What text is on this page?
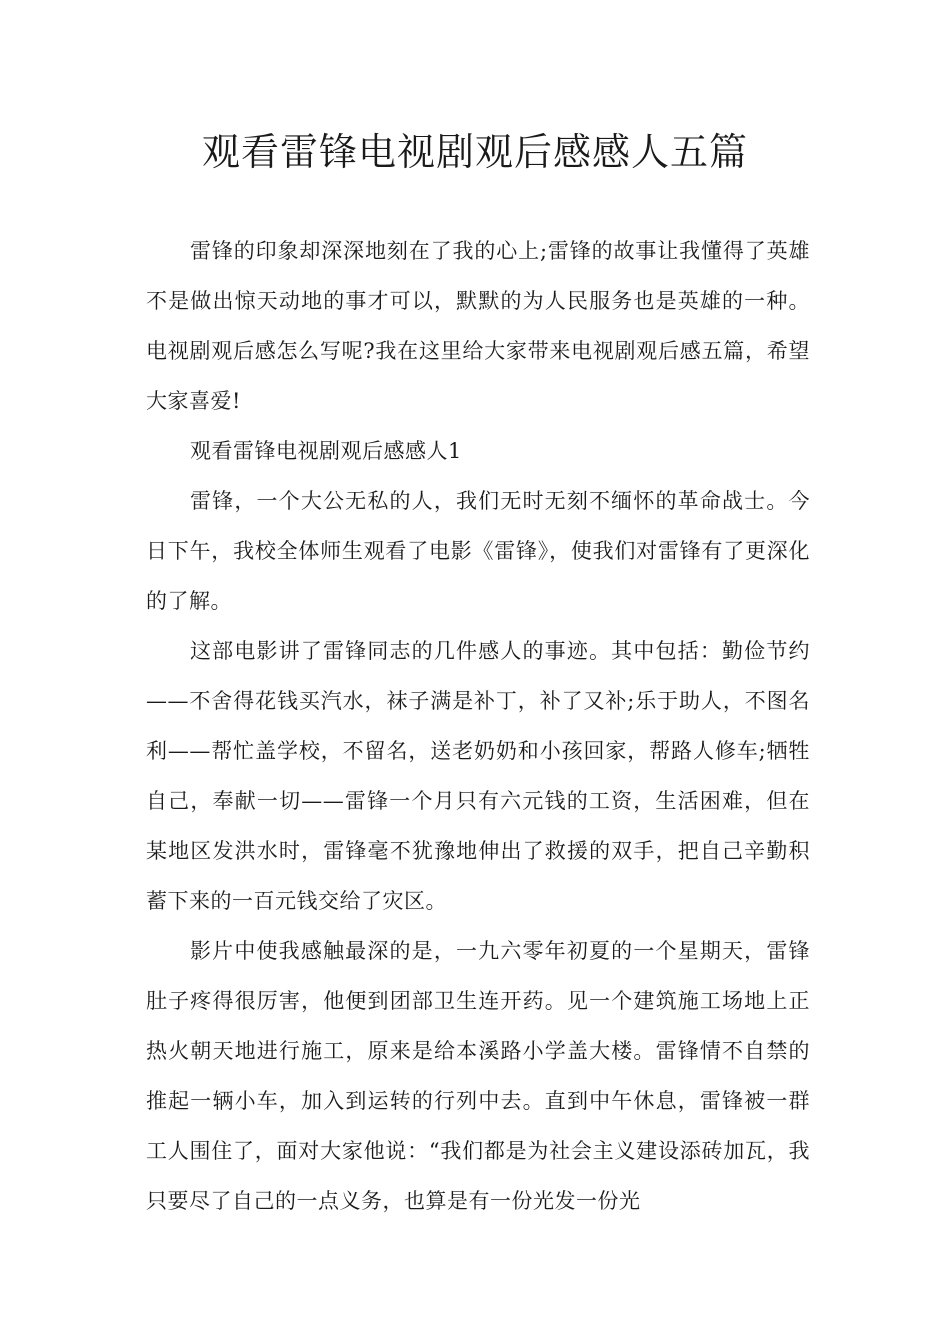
观看雷锋电视剧观后感感人五篇

雷锋的印象却深深地刻在了我的心上;雷锋的故事让我懂得了英雄不是做出惊天动地的事才可以，默默的为人民服务也是英雄的一种。电视剧观后感怎么写呢?我在这里给大家带来电视剧观后感五篇，希望大家喜爱!

观看雷锋电视剧观后感感人1

雷锋，一个大公无私的人，我们无时无刻不缅怀的革命战士。今日下午，我校全体师生观看了电影《雷锋》，使我们对雷锋有了更深化的了解。

这部电影讲了雷锋同志的几件感人的事迹。其中包括：勤俭节约——不舍得花钱买汽水，袜子满是补丁，补了又补;乐于助人，不图名利——帮忙盖学校，不留名，送老奶奶和小孩回家，帮路人修车;牺牲自己，奉献一切——雷锋一个月只有六元钱的工资，生活困难，但在某地区发洪水时，雷锋毫不犹豫地伸出了救援的双手，把自己辛勤积蓄下来的一百元钱交给了灾区。

影片中使我感触最深的是，一九六零年初夏的一个星期天，雷锋肚子疼得很厉害，他便到团部卫生连开药。见一个建筑施工场地上正热火朝天地进行施工，原来是给本溪路小学盖大楼。雷锋情不自禁的推起一辆小车，加入到运转的行列中去。直到中午休息，雷锋被一群工人围住了，面对大家他说：“我们都是为社会主义建设添砖加瓦，我只要尽了自己的一点义务，也算是有一份光发一份光
